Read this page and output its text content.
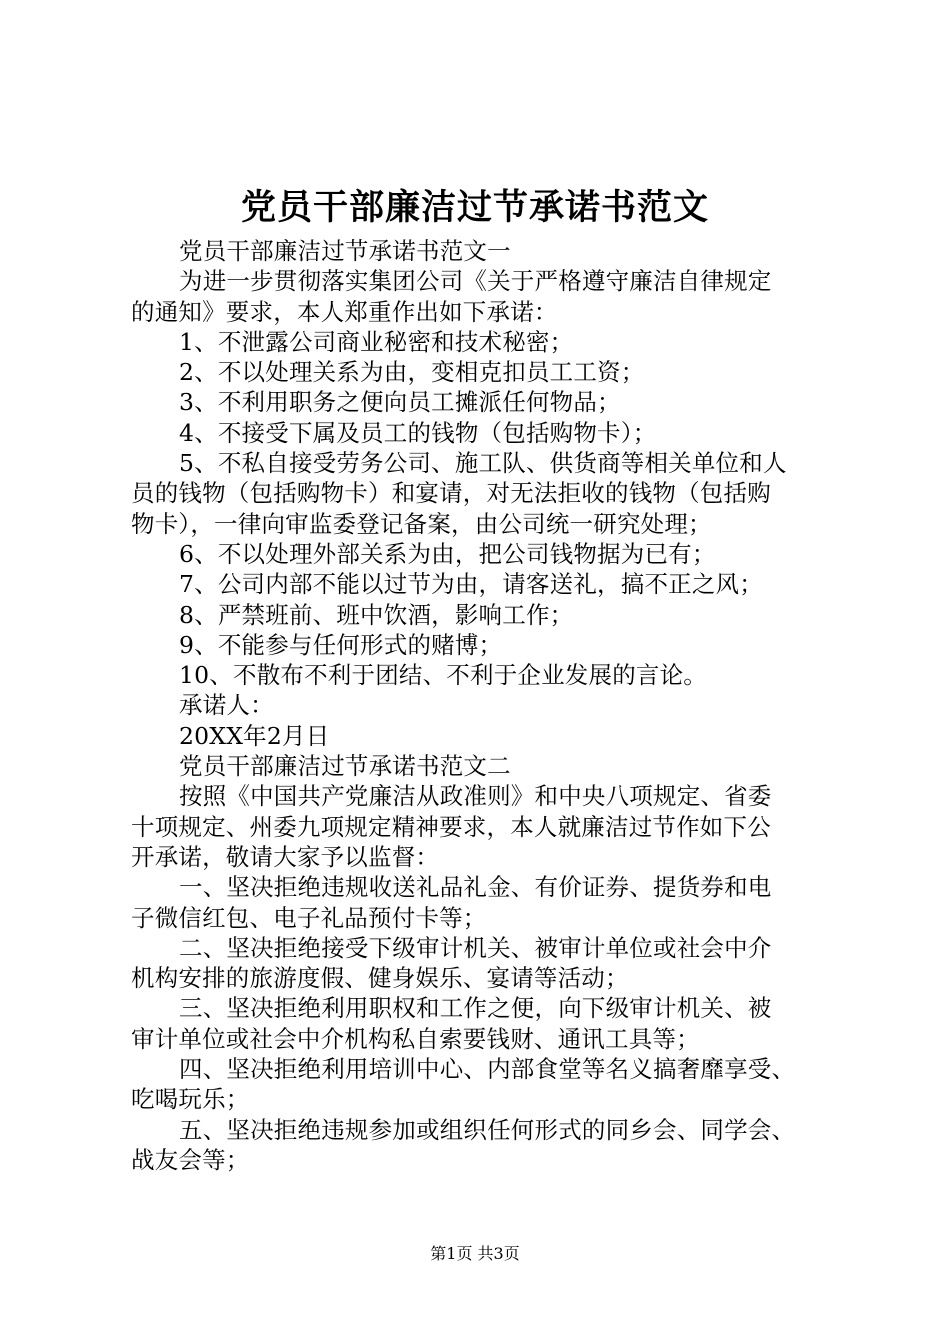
党员干部廉洁过节承诺书范文
党员干部廉洁过节承诺书范文一
为进一步贯彻落实集团公司《关于严格遵守廉洁自律规定
的通知》要求，本人郑重作出如下承诺：
1、不泄露公司商业秘密和技术秘密；
2、不以处理关系为由，变相克扣员工工资；
3、不利用职务之便向员工摊派任何物品；
4、不接受下属及员工的钱物（包括购物卡）；
5、不私自接受劳务公司、施工队、供货商等相关单位和人
员的钱物（包括购物卡）和宴请，对无法拒收的钱物（包括购
物卡），一律向审监委登记备案，由公司统一研究处理；
6、不以处理外部关系为由，把公司钱物据为已有；
7、公司内部不能以过节为由，请客送礼，搞不正之风；
8、严禁班前、班中饮酒，影响工作；
9、不能参与任何形式的赌博；
10、不散布不利于团结、不利于企业发展的言论。
承诺人：
20XX年2月日
党员干部廉洁过节承诺书范文二
按照《中国共产党廉洁从政准则》和中央八项规定、省委
十项规定、州委九项规定精神要求，本人就廉洁过节作如下公
开承诺，敬请大家予以监督：
一、坚决拒绝违规收送礼品礼金、有价证券、提货券和电
子微信红包、电子礼品预付卡等；
二、坚决拒绝接受下级审计机关、被审计单位或社会中介
机构安排的旅游度假、健身娱乐、宴请等活动；
三、坚决拒绝利用职权和工作之便，向下级审计机关、被
审计单位或社会中介机构私自索要钱财、通讯工具等；
四、坚决拒绝利用培训中心、内部食堂等名义搞奢靡享受、
吃喝玩乐；
五、坚决拒绝违规参加或组织任何形式的同乡会、同学会、
战友会等；
第1页 共3页
